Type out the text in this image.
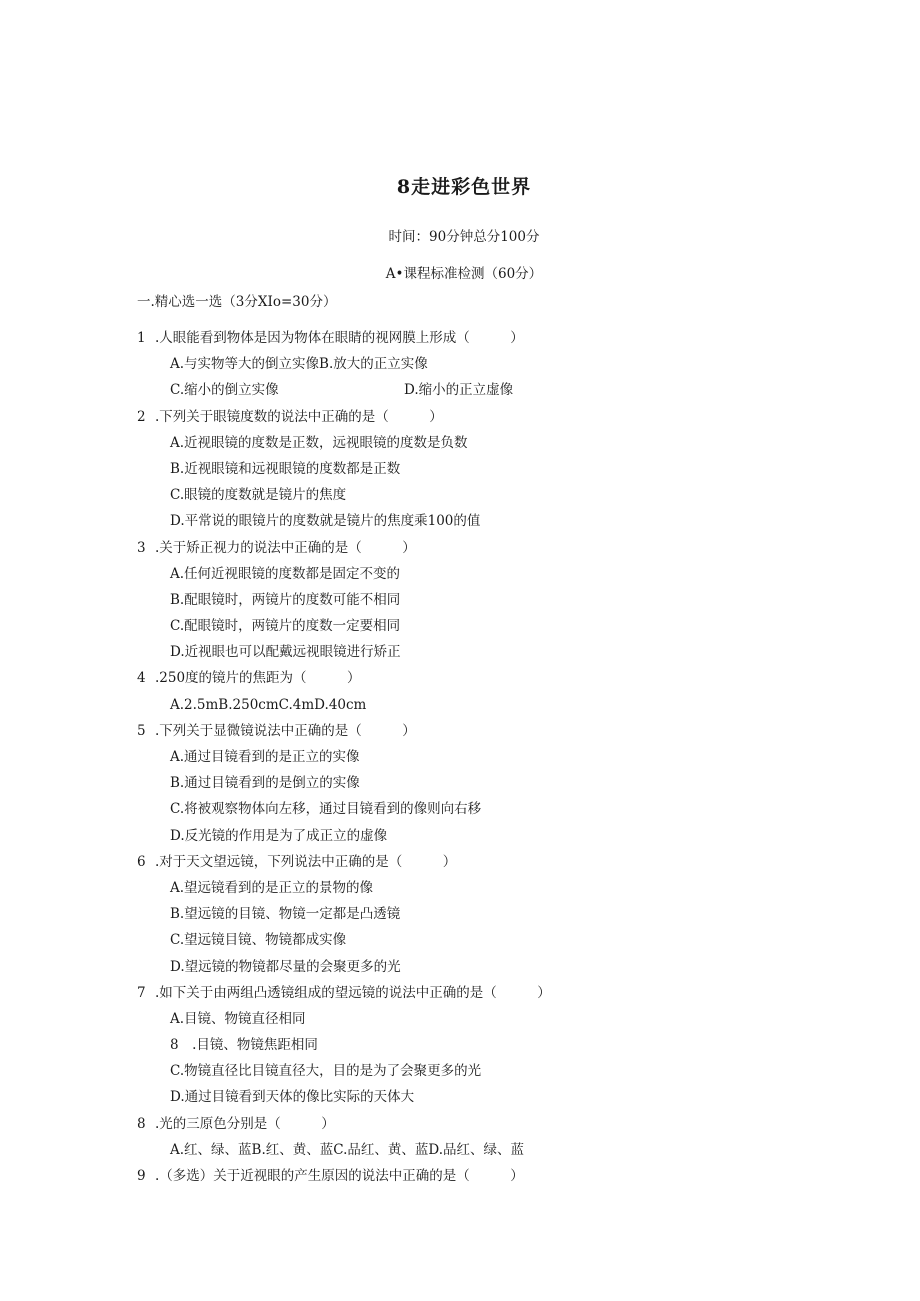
8走进彩色世界
时间：90分钟总分100分
A•课程标准检测（60分）
一.精心选一选（3分XIo=30分）
1 .人眼能看到物体是因为物体在眼睛的视网膜上形成（　　　）
A.与实物等大的倒立实像B.放大的正立实像
C.缩小的倒立实像	D.缩小的正立虚像
2 .下列关于眼镜度数的说法中正确的是（　　　）
A.近视眼镜的度数是正数，远视眼镜的度数是负数
B.近视眼镜和远视眼镜的度数都是正数
C.眼镜的度数就是镜片的焦度
D.平常说的眼镜片的度数就是镜片的焦度乘100的值
3 .关于矫正视力的说法中正确的是（　　　）
A.任何近视眼镜的度数都是固定不变的
B.配眼镜时，两镜片的度数可能不相同
C.配眼镜时，两镜片的度数一定要相同
D.近视眼也可以配戴远视眼镜进行矫正
4 .250度的镜片的焦距为（　　　）
A.2.5mB.250cmC.4mD.40cm
5 .下列关于显微镜说法中正确的是（　　　）
A.通过目镜看到的是正立的实像
B.通过目镜看到的是倒立的实像
C.将被观察物体向左移，通过目镜看到的像则向右移
D.反光镜的作用是为了成正立的虚像
6 .对于天文望远镜，下列说法中正确的是（　　　）
A.望远镜看到的是正立的景物的像
B.望远镜的目镜、物镜一定都是凸透镜
C.望远镜目镜、物镜都成实像
D.望远镜的物镜都尽量的会聚更多的光
7 .如下关于由两组凸透镜组成的望远镜的说法中正确的是（　　　）
A.目镜、物镜直径相同
8　.目镜、物镜焦距相同
C.物镜直径比目镜直径大，目的是为了会聚更多的光
D.通过目镜看到天体的像比实际的天体大
8 .光的三原色分别是（　　　）
A.红、绿、蓝B.红、黄、蓝C.品红、黄、蓝D.品红、绿、蓝
9 .（多选）关于近视眼的产生原因的说法中正确的是（　　　）
